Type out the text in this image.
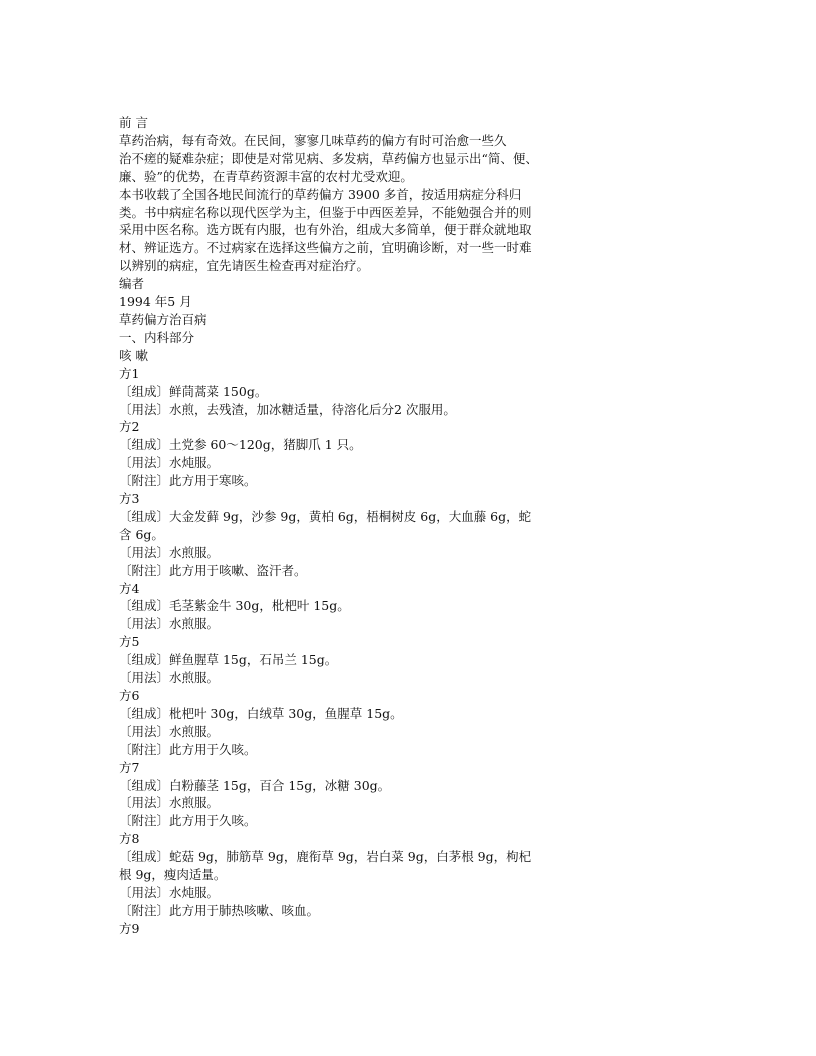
前 言
草药治病，每有奇效。在民间，寥寥几味草药的偏方有时可治愈一些久
治不瘥的疑难杂症；即使是对常见病、多发病，草药偏方也显示出“简、便、
廉、验”的优势，在青草药资源丰富的农村尤受欢迎。
本书收载了全国各地民间流行的草药偏方 3900 多首，按适用病症分科归
类。书中病症名称以现代医学为主，但鉴于中西医差异，不能勉强合并的则
采用中医名称。选方既有内服，也有外治，组成大多简单，便于群众就地取
材、辨证选方。不过病家在选择这些偏方之前，宜明确诊断，对一些一时难
以辨别的病症，宜先请医生检查再对症治疗。
编者
1994 年5 月
草药偏方治百病
一、内科部分
咳 嗽
方1
〔组成〕鲜茼蒿菜 150g。
〔用法〕水煎，去残渣，加冰糖适量，待溶化后分2 次服用。
方2
〔组成〕土党参 60～120g，猪脚爪 1 只。
〔用法〕水炖服。
〔附注〕此方用于寒咳。
方3
〔组成〕大金发藓 9g，沙参 9g，黄柏 6g，梧桐树皮 6g，大血藤 6g，蛇
含 6g。
〔用法〕水煎服。
〔附注〕此方用于咳嗽、盗汗者。
方4
〔组成〕毛茎紫金牛 30g，枇杷叶 15g。
〔用法〕水煎服。
方5
〔组成〕鲜鱼腥草 15g，石吊兰 15g。
〔用法〕水煎服。
方6
〔组成〕枇杷叶 30g，白绒草 30g，鱼腥草 15g。
〔用法〕水煎服。
〔附注〕此方用于久咳。
方7
〔组成〕白粉藤茎 15g，百合 15g，冰糖 30g。
〔用法〕水煎服。
〔附注〕此方用于久咳。
方8
〔组成〕蛇菇 9g，肺筋草 9g，鹿衔草 9g，岩白菜 9g，白茅根 9g，枸杞
根 9g，瘦肉适量。
〔用法〕水炖服。
〔附注〕此方用于肺热咳嗽、咳血。
方9
